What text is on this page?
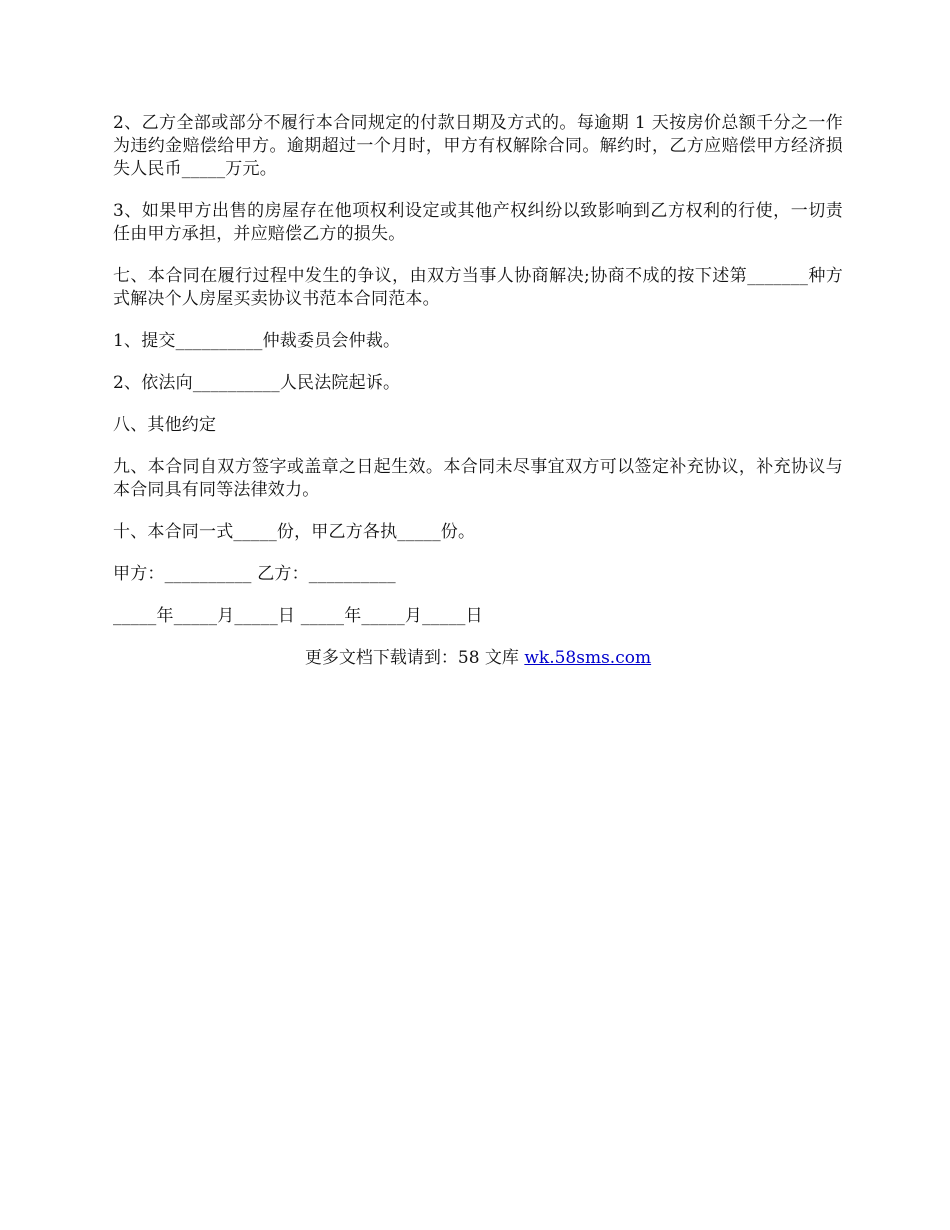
2、乙方全部或部分不履行本合同规定的付款日期及方式的。每逾期 1 天按房价总额千分之一作为违约金赔偿给甲方。逾期超过一个月时，甲方有权解除合同。解约时，乙方应赔偿甲方经济损失人民币_____万元。

3、如果甲方出售的房屋存在他项权利设定或其他产权纠纷以致影响到乙方权利的行使，一切责任由甲方承担，并应赔偿乙方的损失。

七、本合同在履行过程中发生的争议，由双方当事人协商解决;协商不成的按下述第_______种方式解决个人房屋买卖协议书范本合同范本。

1、提交__________仲裁委员会仲裁。

2、依法向__________人民法院起诉。

八、其他约定

九、本合同自双方签字或盖章之日起生效。本合同未尽事宜双方可以签定补充协议，补充协议与本合同具有同等法律效力。

十、本合同一式_____份，甲乙方各执_____份。

甲方：__________ 乙方：__________

_____年_____月_____日 _____年_____月_____日

更多文档下载请到：58 文库 wk.58sms.com
